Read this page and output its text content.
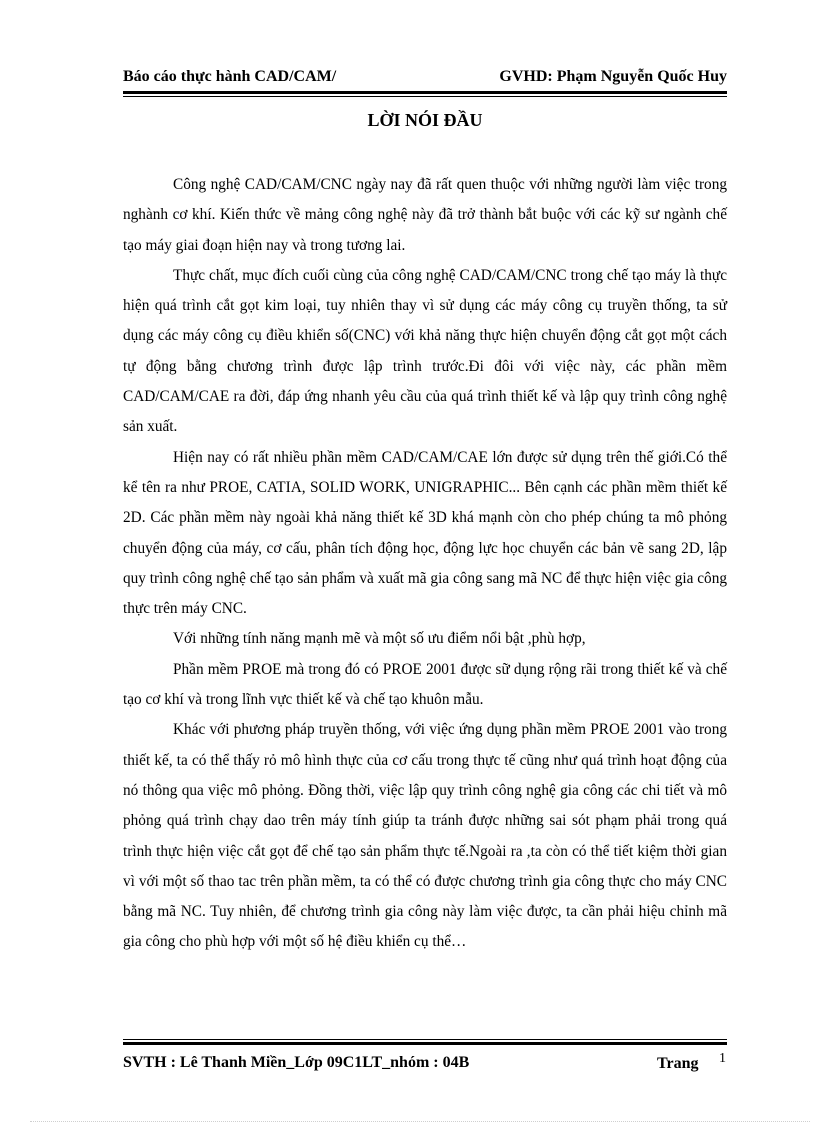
Báo cáo thực hành CAD/CAM/	GVHD: Phạm Nguyễn Quốc Huy
LỜI NÓI ĐẦU

Công nghệ CAD/CAM/CNC ngày nay đã rất quen thuộc với những người làm việc trong nghành cơ khí. Kiến thức về mảng công nghệ này đã trở thành bắt buộc với các kỹ sư ngành chế tạo máy giai đoạn hiện nay và trong tương lai.

Thực chất, mục đích cuối cùng của công nghệ CAD/CAM/CNC trong chế tạo máy là thực hiện quá trình cắt gọt kim loại, tuy nhiên thay vì sử dụng các máy công cụ truyền thống, ta sử dụng các máy công cụ điều khiển số(CNC) với khả năng thực hiện chuyển động cắt gọt một cách tự động bằng chương trình được lập trình trước.Đi đôi với việc này, các phần mềm CAD/CAM/CAE ra đời, đáp ứng nhanh yêu cầu của quá trình thiết kế và lập quy trình công nghệ sản xuất.

Hiện nay có rất nhiều phần mềm CAD/CAM/CAE lớn được sử dụng trên thế giới.Có thể kể tên ra như PROE, CATIA, SOLID WORK, UNIGRAPHIC... Bên cạnh các phần mềm thiết kế 2D. Các phần mềm này ngoài khả năng thiết kế 3D khá mạnh còn cho phép chúng ta mô phỏng chuyển động của máy, cơ cấu, phân tích động học, động lực học chuyển các bản vẽ sang 2D, lập quy trình công nghệ chế tạo sản phẩm và xuất mã gia công sang mã NC để thực hiện việc gia công thực trên máy CNC.

Với những tính năng mạnh mẽ và một số ưu điểm nổi bật ,phù hợp,

Phần mềm PROE mà trong đó có PROE 2001 được sữ dụng rộng rãi trong thiết kế và chế tạo cơ khí và trong lĩnh vực thiết kế và chế tạo khuôn mẫu.

Khác với phương pháp truyền thống, với việc ứng dụng phần mềm PROE 2001 vào trong thiết kế, ta có thể thấy rỏ mô hình thực của cơ cấu trong thực tế cũng như quá trình hoạt động của nó thông qua việc mô phỏng. Đồng thời, việc lập quy trình công nghệ gia công các chi tiết và mô phỏng quá trình chạy dao trên máy tính giúp ta tránh được những sai sót phạm phải trong quá trình thực hiện việc cắt gọt để chế tạo sản phẩm thực tế.Ngoài ra ,ta còn có thể tiết kiệm thời gian vì với một số thao tac trên phần mềm, ta có thể có được chương trình gia công thực cho máy CNC bằng mã NC. Tuy nhiên, để chương trình gia công này làm việc được, ta cần phải hiệu chỉnh mã gia công cho phù hợp với một số hệ điều khiển cụ thể…

SVTH : Lê Thanh Miền_Lớp 09C1LT_nhóm : 04B	Trang 1
